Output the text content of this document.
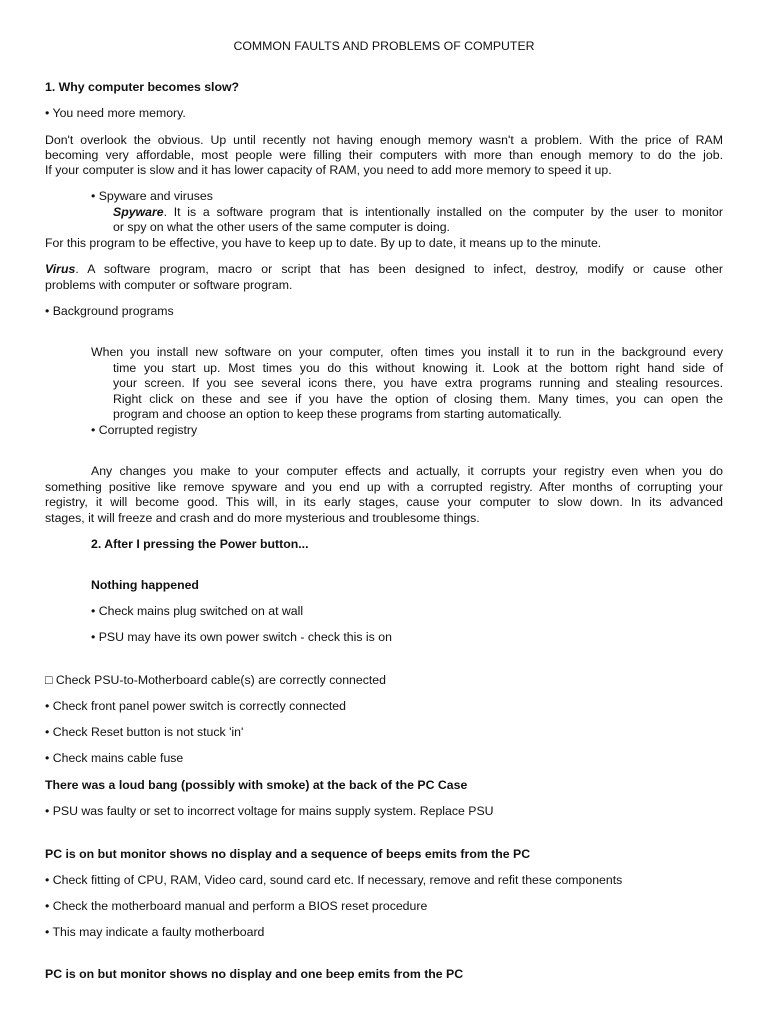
COMMON FAULTS AND PROBLEMS OF COMPUTER
1. Why computer becomes slow?
• You need more memory.
Don't overlook the obvious. Up until recently not having enough memory wasn't a problem. With the price of RAM
becoming very affordable, most people were filling their computers with more than enough memory to do the job.
If your computer is slow and it has lower capacity of RAM, you need to add more memory to speed it up.
• Spyware and viruses
Spyware. It is a software program that is intentionally installed on the computer by the user to monitor
or spy on what the other users of the same computer is doing.
For this program to be effective, you have to keep up to date. By up to date, it means up to the minute.
Virus. A software program, macro or script that has been designed to infect, destroy, modify or cause other
problems with computer or software program.
• Background programs
When you install new software on your computer, often times you install it to run in the background every
time you start up. Most times you do this without knowing it. Look at the bottom right hand side of
your screen. If you see several icons there, you have extra programs running and stealing resources.
Right click on these and see if you have the option of closing them. Many times, you can open the
program and choose an option to keep these programs from starting automatically.
• Corrupted registry
Any changes you make to your computer effects and actually, it corrupts your registry even when you do
something positive like remove spyware and you end up with a corrupted registry. After months of corrupting your
registry, it will become good. This will, in its early stages, cause your computer to slow down. In its advanced
stages, it will freeze and crash and do more mysterious and troublesome things.
2. After I pressing the Power button...
Nothing happened
• Check mains plug switched on at wall
• PSU may have its own power switch - check this is on
□ Check PSU-to-Motherboard cable(s) are correctly connected
• Check front panel power switch is correctly connected
• Check Reset button is not stuck 'in'
• Check mains cable fuse
There was a loud bang (possibly with smoke) at the back of the PC Case
• PSU was faulty or set to incorrect voltage for mains supply system. Replace PSU
PC is on but monitor shows no display and a sequence of beeps emits from the PC
• Check fitting of CPU, RAM, Video card, sound card etc. If necessary, remove and refit these components
• Check the motherboard manual and perform a BIOS reset procedure
• This may indicate a faulty motherboard
PC is on but monitor shows no display and one beep emits from the PC
